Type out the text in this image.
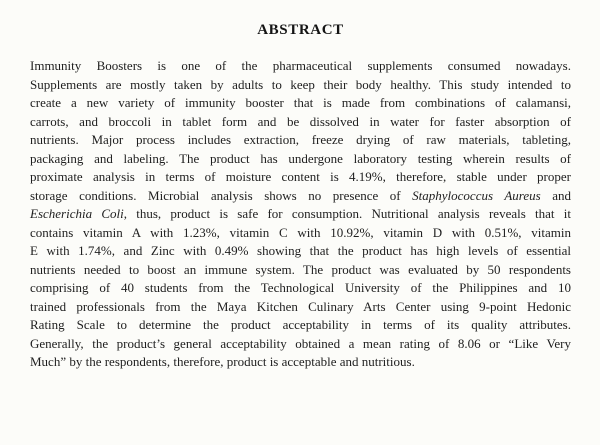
ABSTRACT
Immunity Boosters is one of the pharmaceutical supplements consumed nowadays.
Supplements are mostly taken by adults to keep their body healthy. This study intended to
create a new variety of immunity booster that is made from combinations of calamansi,
carrots, and broccoli in tablet form and be dissolved in water for faster absorption of
nutrients. Major process includes extraction, freeze drying of raw materials, tableting,
packaging and labeling. The product has undergone laboratory testing wherein results of
proximate analysis in terms of moisture content is 4.19%, therefore, stable under proper
storage conditions. Microbial analysis shows no presence of Staphylococcus Aureus and
Escherichia Coli, thus, product is safe for consumption. Nutritional analysis reveals that it
contains vitamin A with 1.23%, vitamin C with 10.92%, vitamin D with 0.51%, vitamin
E with 1.74%, and Zinc with 0.49% showing that the product has high levels of essential
nutrients needed to boost an immune system. The product was evaluated by 50 respondents
comprising of 40 students from the Technological University of the Philippines and 10
trained professionals from the Maya Kitchen Culinary Arts Center using 9-point Hedonic
Rating Scale to determine the product acceptability in terms of its quality attributes.
Generally, the product’s general acceptability obtained a mean rating of 8.06 or “Like Very
Much” by the respondents, therefore, product is acceptable and nutritious.
